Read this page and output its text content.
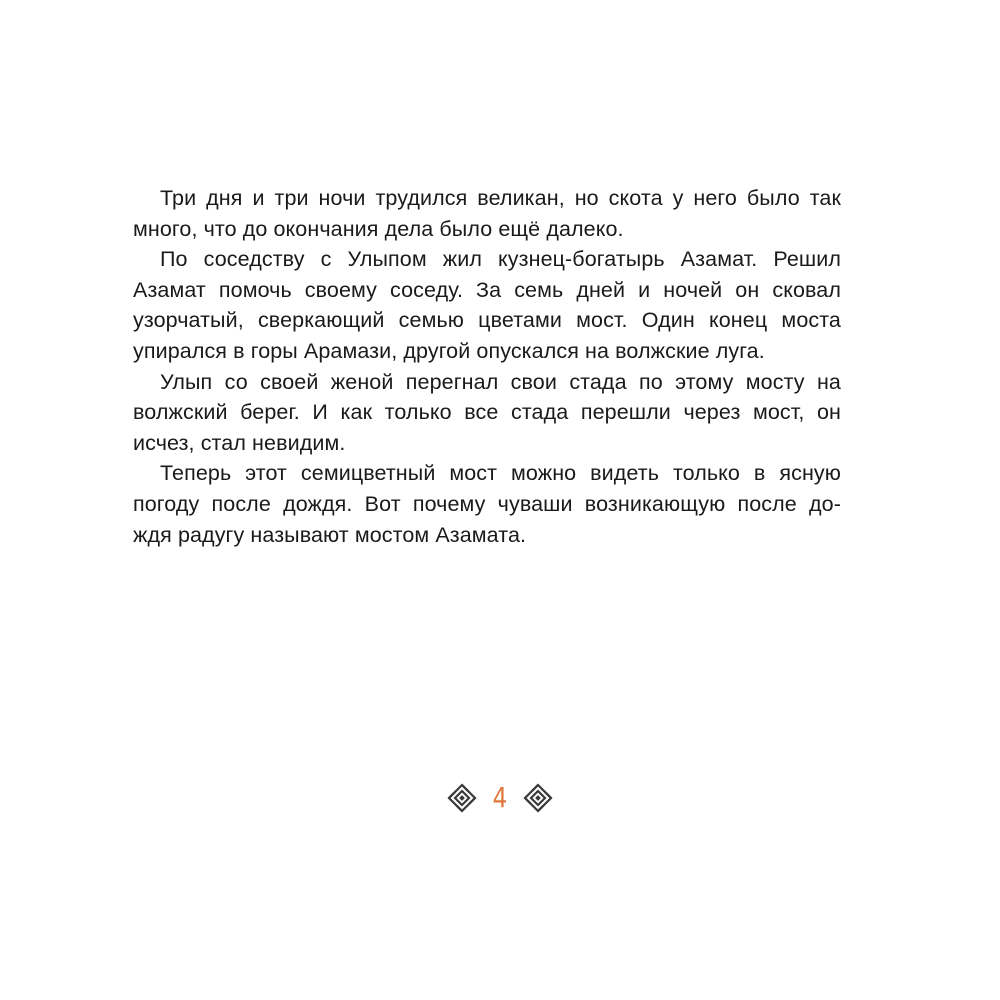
Три дня и три ночи трудился великан, но скота у него было так
много, что до окончания дела было ещё далеко.
По соседству с Улыпом жил кузнец-богатырь Азамат. Решил
Азамат помочь своему соседу. За семь дней и ночей он сковал
узорчатый, сверкающий семью цветами мост. Один конец моста
упирался в горы Арамази, другой опускался на волжские луга.
Улып со своей женой перегнал свои стада по этому мосту на
волжский берег. И как только все стада перешли через мост, он
исчез, стал невидим.
Теперь этот семицветный мост можно видеть только в ясную
погоду после дождя. Вот почему чуваши возникающую после до-
ждя радугу называют мостом Азамата.
4
